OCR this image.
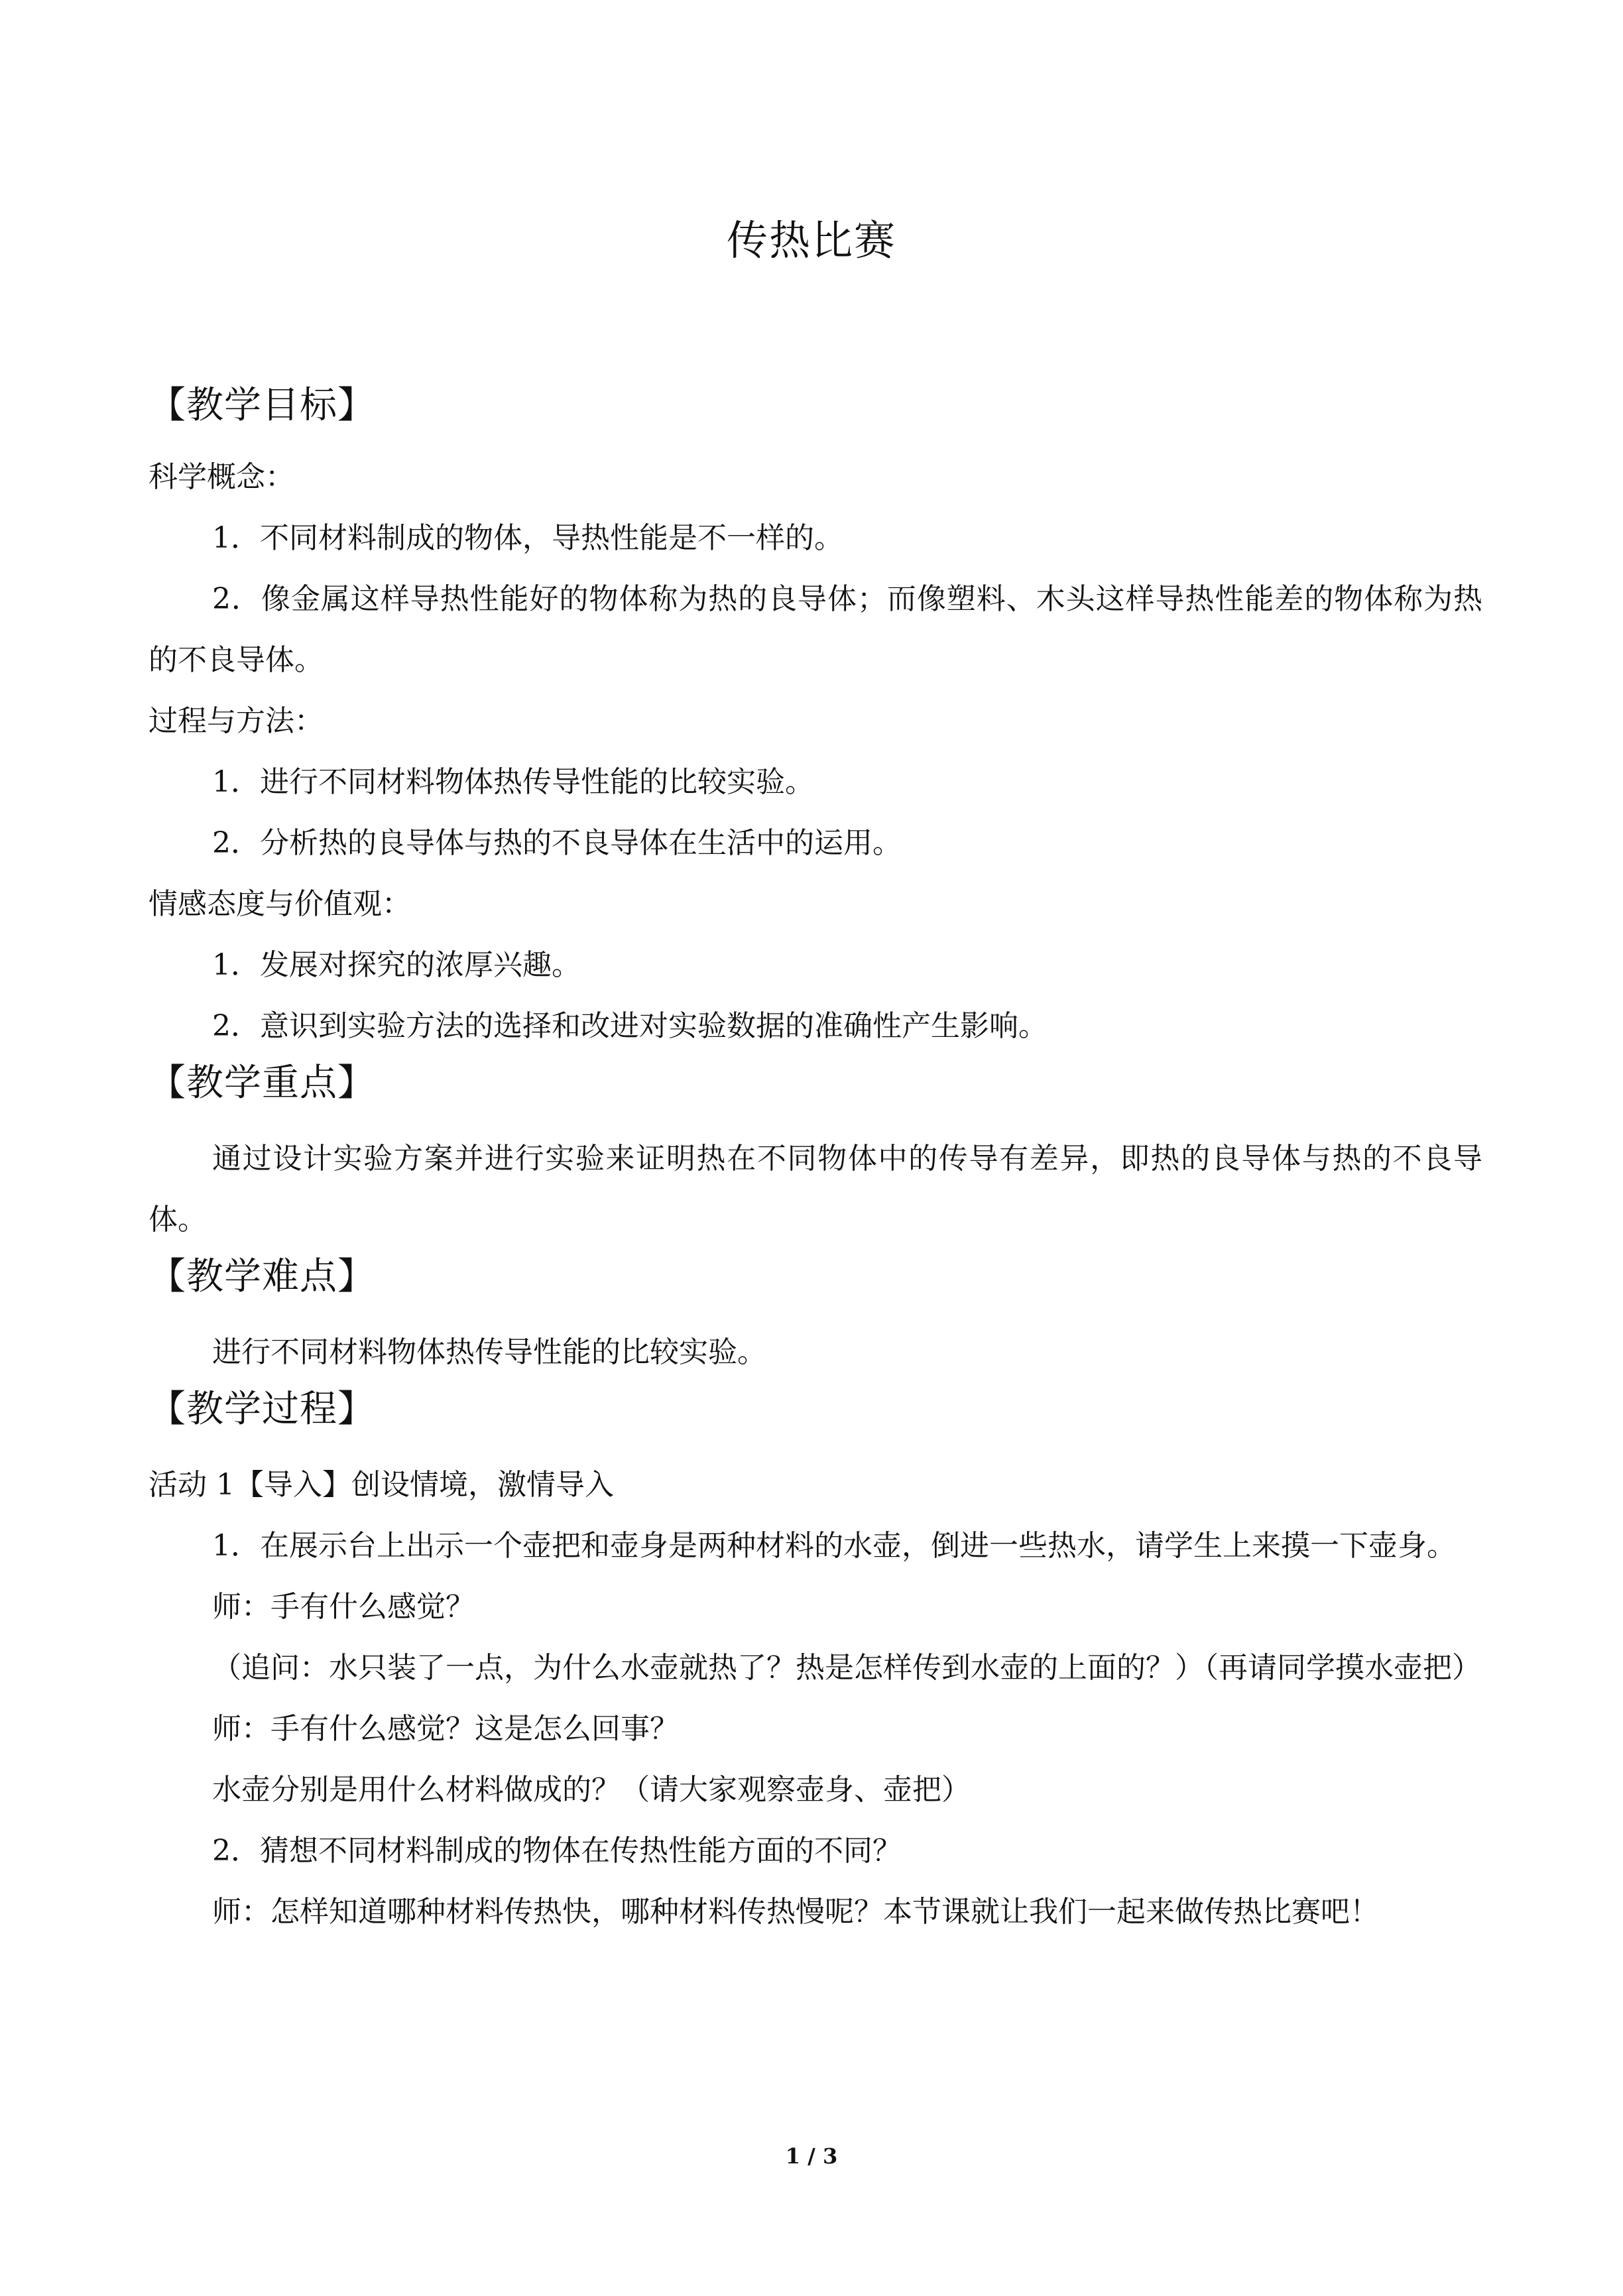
传热比赛
【教学目标】
科学概念：
1．不同材料制成的物体，导热性能是不一样的。
2．像金属这样导热性能好的物体称为热的良导体；而像塑料、木头这样导热性能差的物体称为热的不良导体。
过程与方法：
1．进行不同材料物体热传导性能的比较实验。
2．分析热的良导体与热的不良导体在生活中的运用。
情感态度与价值观：
1．发展对探究的浓厚兴趣。
2．意识到实验方法的选择和改进对实验数据的准确性产生影响。
【教学重点】
通过设计实验方案并进行实验来证明热在不同物体中的传导有差异，即热的良导体与热的不良导体。
【教学难点】
进行不同材料物体热传导性能的比较实验。
【教学过程】
活动 1【导入】创设情境，激情导入
1．在展示台上出示一个壶把和壶身是两种材料的水壶，倒进一些热水，请学生上来摸一下壶身。
师：手有什么感觉？
（追问：水只装了一点，为什么水壶就热了？热是怎样传到水壶的上面的？）（再请同学摸水壶把）
师：手有什么感觉？这是怎么回事？
水壶分别是用什么材料做成的？（请大家观察壶身、壶把）
2．猜想不同材料制成的物体在传热性能方面的不同？
师：怎样知道哪种材料传热快，哪种材料传热慢呢？本节课就让我们一起来做传热比赛吧！
1 / 3
